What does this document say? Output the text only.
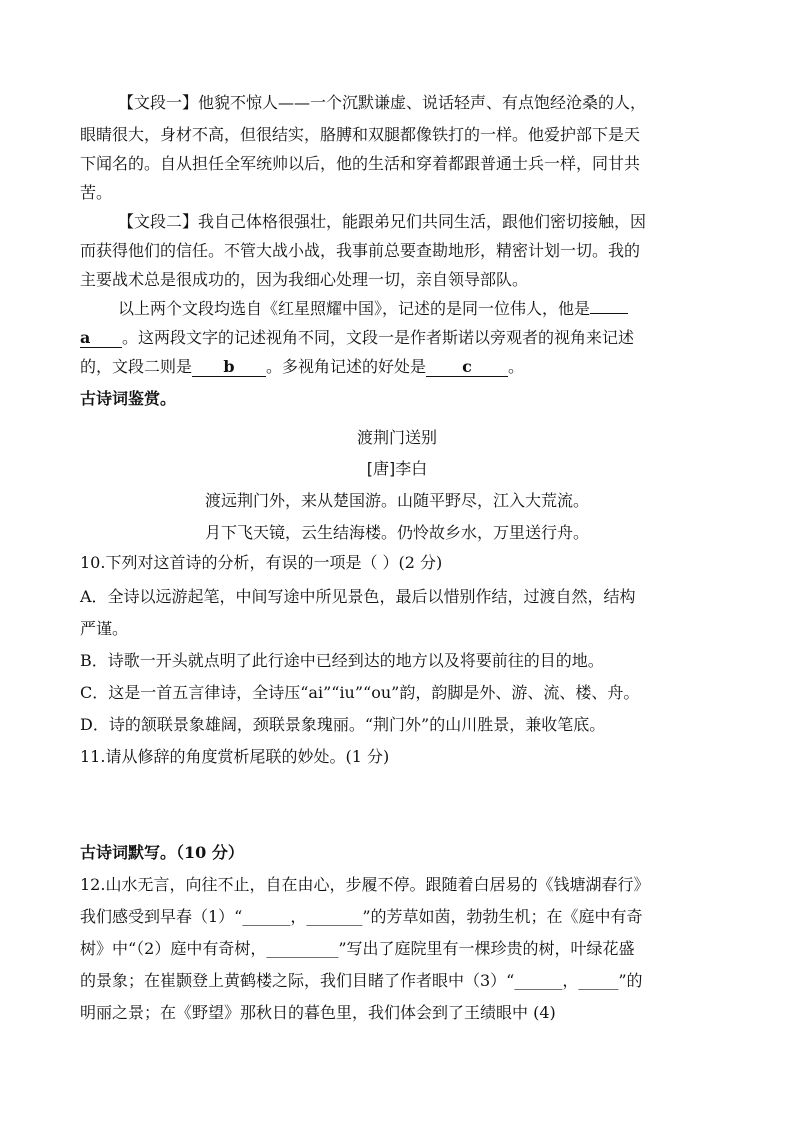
【文段一】他貌不惊人——一个沉默谦虚、说话轻声、有点饱经沧桑的人，
眼睛很大，身材不高，但很结实，胳膊和双腿都像铁打的一样。他爱护部下是天
下闻名的。自从担任全军统帅以后，他的生活和穿着都跟普通士兵一样，同甘共
苦。
【文段二】我自己体格很强壮，能跟弟兄们共同生活，跟他们密切接触，因
而获得他们的信任。不管大战小战，我事前总要查勘地形，精密计划一切。我的
主要战术总是很成功的，因为我细心处理一切，亲自领导部队。
以上两个文段均选自《红星照耀中国》，记述的是同一位伟人，他是
a 。这两段文字的记述视角不同，文段一是作者斯诺以旁观者的视角来记述
的，文段二则是 b 。多视角记述的好处是 c 。
古诗词鉴赏。
渡荆门送别
[唐]李白
渡远荆门外，来从楚国游。山随平野尽，江入大荒流。
月下飞天镜，云生结海楼。仍怜故乡水，万里送行舟。
10.下列对这首诗的分析，有误的一项是（ ）(2 分)
A．全诗以远游起笔，中间写途中所见景色，最后以惜别作结，过渡自然，结构
严谨。
B．诗歌一开头就点明了此行途中已经到达的地方以及将要前往的目的地。
C．这是一首五言律诗，全诗压“ai”“iu”“ou”韵，韵脚是外、游、流、楼、舟。
D．诗的颔联景象雄阔，颈联景象瑰丽。“荆门外”的山川胜景，兼收笔底。
11.请从修辞的角度赏析尾联的妙处。(1 分)
古诗词默写。（10 分）
12.山水无言，向往不止，自在由心，步履不停。跟随着白居易的《钱塘湖春行》
我们感受到早春（1）“______，_______”的芳草如茵，勃勃生机；在《庭中有奇
树》中“（2）庭中有奇树，_________”写出了庭院里有一棵珍贵的树，叶绿花盛
的景象；在崔颢登上黄鹤楼之际，我们目睹了作者眼中（3）“______，_____”的
明丽之景；在《野望》那秋日的暮色里，我们体会到了王绩眼中 (4)
